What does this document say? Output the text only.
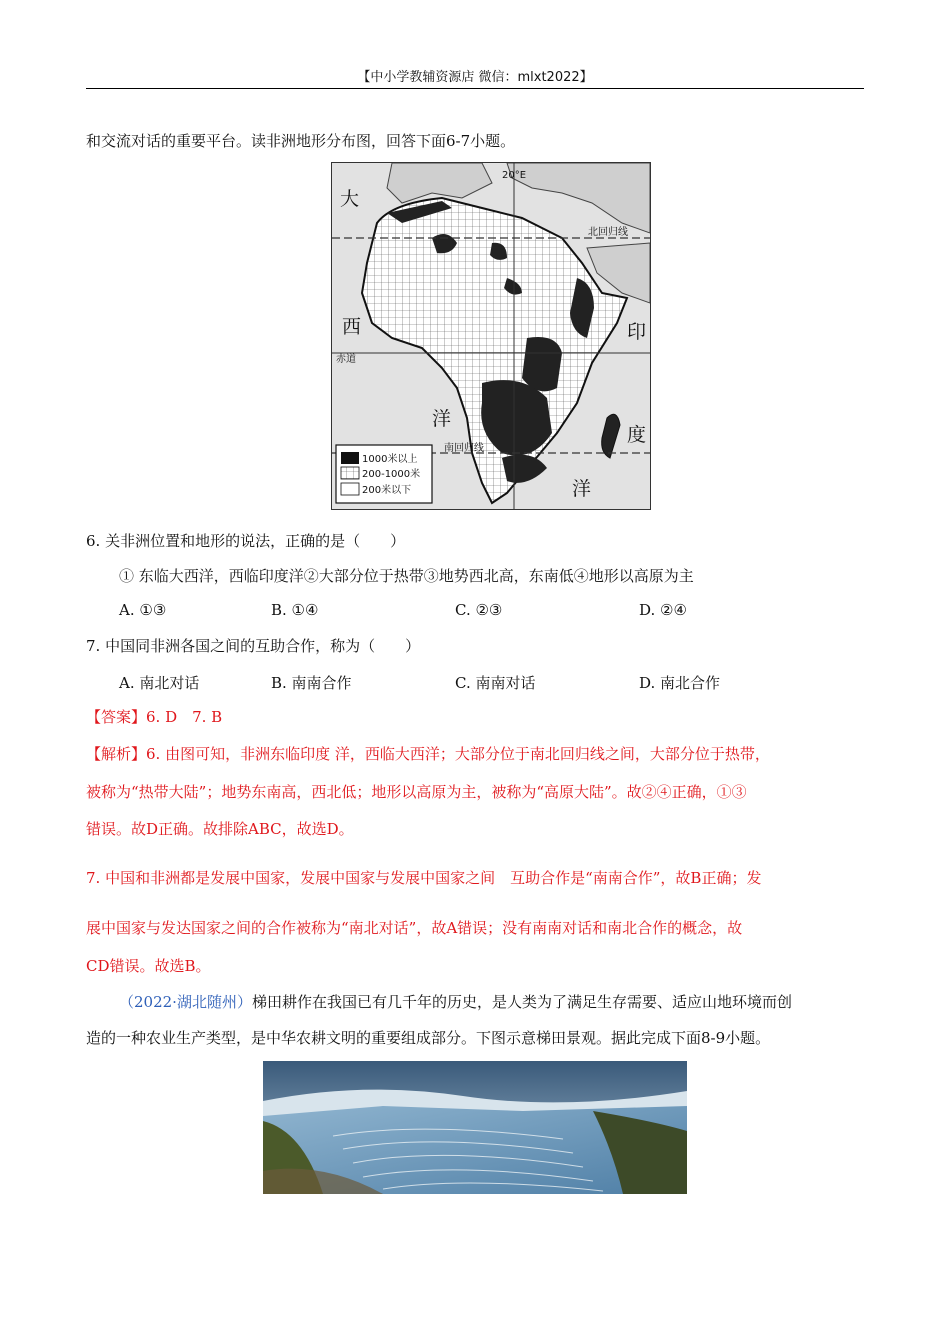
【中小学教辅资源店 微信：mlxt2022】
和交流对话的重要平台。读非洲地形分布图，回答下面6-7小题。
1000米以上
200-1000米
200米以下
大
西
洋
印
度
洋
20°E
北回归线
赤道
南回归线
6. 关非洲位置和地形的说法，正确的是（　　）
① 东临大西洋，西临印度洋②大部分位于热带③地势西北高，东南低④地形以高原为主
A. ①③	B. ①④	C. ②③	D. ②④
7. 中国同非洲各国之间的互助合作，称为（　　）
A. 南北对话	B. 南南合作	C. 南南对话	D. 南北合作
【答案】6. D　7. B
【解析】6. 由图可知，非洲东临印度 洋，西临大西洋；大部分位于南北回归线之间，大部分位于热带，
被称为“热带大陆”；地势东南高，西北低；地形以高原为主，被称为“高原大陆”。故②④正确，①③
错误。故D正确。故排除ABC，故选D。
7. 中国和非洲都是发展中国家，发展中国家与发展中国家之间　互助合作是“南南合作”，故B正确；发
展中国家与发达国家之间的合作被称为“南北对话”，故A错误；没有南南对话和南北合作的概念，故
CD错误。故选B。
（2022·湖北随州）梯田耕作在我国已有几千年的历史，是人类为了满足生存需要、适应山地环境而创
造的一种农业生产类型，是中华农耕文明的重要组成部分。下图示意梯田景观。据此完成下面8-9小题。
